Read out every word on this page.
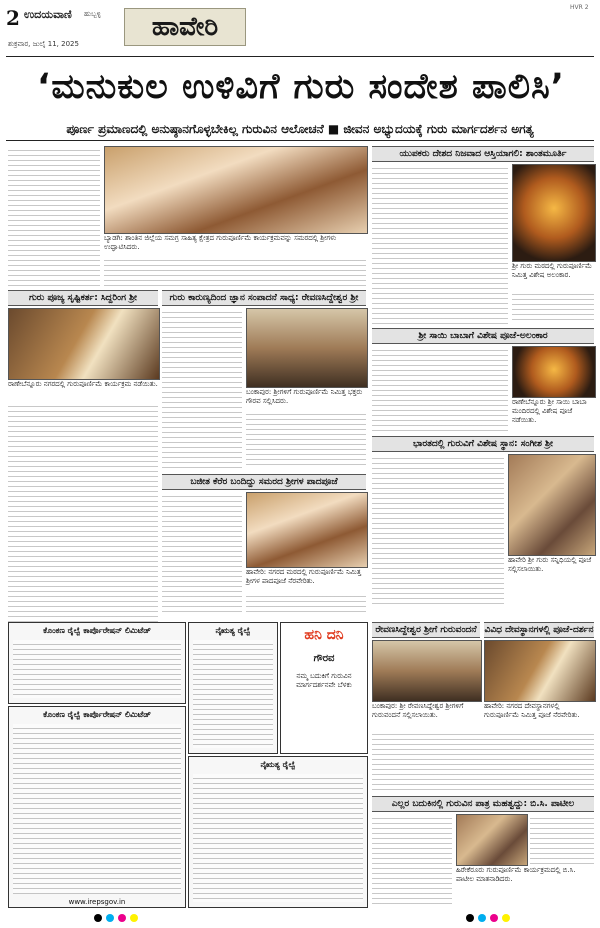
2 ಉದಯವಾಣಿ ಹುಬ್ಬಳ್ಳಿ
ಶುಕ್ರವಾರ, ಜುಲೈ 11, 2025
ಹಾವೇರಿ
HVR 2
‘ಮನುಕುಲ ಉಳಿವಿಗೆ ಗುರು ಸಂದೇಶ ಪಾಲಿಸಿ’
ಪೂರ್ಣ ಪ್ರಮಾಣದಲ್ಲಿ ಅನುಷ್ಠಾನಗೊಳ್ಳಬೇಕಿಲ್ಲ ಗುರುವಿನ ಆಲೋಚನೆ ■ ಜೀವನ ಅಭ್ಯುದಯಕ್ಕೆ ಗುರು ಮಾರ್ಗದರ್ಶನ ಅಗತ್ಯ
ಬ್ಯಾಡಗಿ: ಶಾಂತಿನ ಜಿಲ್ಲೆಯ ಸಮಗ್ರ ಸಾಹಿತ್ಯ ಕ್ಷೇತ್ರದ ಗುರುಪೂರ್ಣಿಮೆ ಕಾರ್ಯಕ್ರಮವನ್ನು ಸಮರದಲ್ಲಿ ಶ್ರೀಗಳು ಉದ್ಘಾಟಿಸಿದರು.
ಯುಪಕರು ದೇಶದ ನಿಜವಾದ ಆಸ್ತಿಯಾಗಲಿ: ಶಾಂತಮೂರ್ತಿ
ಶ್ರೀ ಗುರು ಮಠದಲ್ಲಿ ಗುರುಪೂರ್ಣಿಮೆ ನಿಮಿತ್ತ ವಿಶೇಷ ಅಲಂಕಾರ.
ಗುರು ಪೂಜ್ಯ ಸೃಷ್ಟಿಕರ್ತ: ಸಿದ್ದರಿಂಗ ಶ್ರೀ	ಗುರು ಕಾರುಣ್ಯದಿಂದ ಜ್ಞಾನ ಸಂಪಾದನೆ ಸಾಧ್ಯ: ರೇವಣಸಿದ್ದೇಶ್ವರ ಶ್ರೀ
ರಾಣೇಬೆನ್ನೂರು ನಗರದಲ್ಲಿ ಗುರುಪೂರ್ಣಿಮೆ ಕಾರ್ಯಕ್ರಮ ನಡೆಯಿತು.
ಬಂಕಾಪುರ: ಶ್ರೀಗಳಿಗೆ ಗುರುಪೂರ್ಣಿಮೆ ನಿಮಿತ್ತ ಭಕ್ತರು ಗೌರವ ಸಲ್ಲಿಸಿದರು.
ಶ್ರೀ ಸಾಯಿ ಬಾಬಾಗೆ ವಿಶೇಷ ಪೂಜೆ-ಅಲಂಕಾರ
ರಾಣೇಬೆನ್ನೂರು ಶ್ರೀ ಸಾಯಿ ಬಾಬಾ ಮಂದಿರದಲ್ಲಿ ವಿಶೇಷ ಪೂಜೆ ನಡೆಯಿತು.
ಭಾರತದಲ್ಲಿ ಗುರುವಿಗೆ ವಿಶೇಷ ಸ್ಥಾನ: ಸಂಗೀಶ ಶ್ರೀ
ಹಾವೇರಿ ಶ್ರೀ ಗುರು ಸನ್ನಿಧಿಯಲ್ಲಿ ಪೂಜೆ ಸಲ್ಲಿಸಲಾಯಿತು.
ಬಜೀತ ಕೆರೆರ ಬಂದಿದ್ದು ಸಮರದ ಶ್ರೀಗಳ ಪಾದಪೂಜೆ
ಹಾವೇರಿ: ನಗರದ ಮಠದಲ್ಲಿ ಗುರುಪೂರ್ಣಿಮೆ ನಿಮಿತ್ತ ಶ್ರೀಗಳ ಪಾದಪೂಜೆ ನೆರವೇರಿತು.
ಕೊಂಕಣ ರೈಲ್ವೆ ಕಾರ್ಪೊರೇಷನ್ ಲಿಮಿಟೆಡ್
ಕೊಂಕಣ ರೈಲ್ವೆ ಕಾರ್ಪೊರೇಷನ್ ಲಿಮಿಟೆಡ್
www.irepsgov.in
ನೈಋತ್ಯ ರೈಲ್ವೆ
ನೈಋತ್ಯ ರೈಲ್ವೆ
ಹನಿ ದನಿ
ಗೌರವ
ನಮ್ಮ ಬದುಕಿಗೆ ಗುರುವಿನ ಮಾರ್ಗದರ್ಶನವೇ ಬೆಳಕು
ರೇವಣಸಿದ್ದೇಶ್ವರ ಶ್ರೀಗೆ ಗುರುವಂದನೆ ವಿವಿಧ ದೇವಸ್ಥಾನಗಳಲ್ಲಿ ಪೂಜೆ-ದರ್ಶನ
ಬಂಕಾಪುರ: ಶ್ರೀ ರೇವಣಸಿದ್ದೇಶ್ವರ ಶ್ರೀಗಳಿಗೆ ಗುರುವಂದನೆ ಸಲ್ಲಿಸಲಾಯಿತು.
ಹಾವೇರಿ: ನಗರದ ದೇವಸ್ಥಾನಗಳಲ್ಲಿ ಗುರುಪೂರ್ಣಿಮೆ ನಿಮಿತ್ತ ಪೂಜೆ ನೆರವೇರಿತು.
ಎಲ್ಲರ ಬದುಕಿನಲ್ಲಿ ಗುರುವಿನ ಪಾತ್ರ ಮಹತ್ವದ್ದು: ಬಿ.ಸಿ. ಪಾಟೀಲ
ಹಿರೇಕೆರೂರು ಗುರುಪೂರ್ಣಿಮೆ ಕಾರ್ಯಕ್ರಮದಲ್ಲಿ ಬಿ.ಸಿ. ಪಾಟೀಲ ಮಾತನಾಡಿದರು.
